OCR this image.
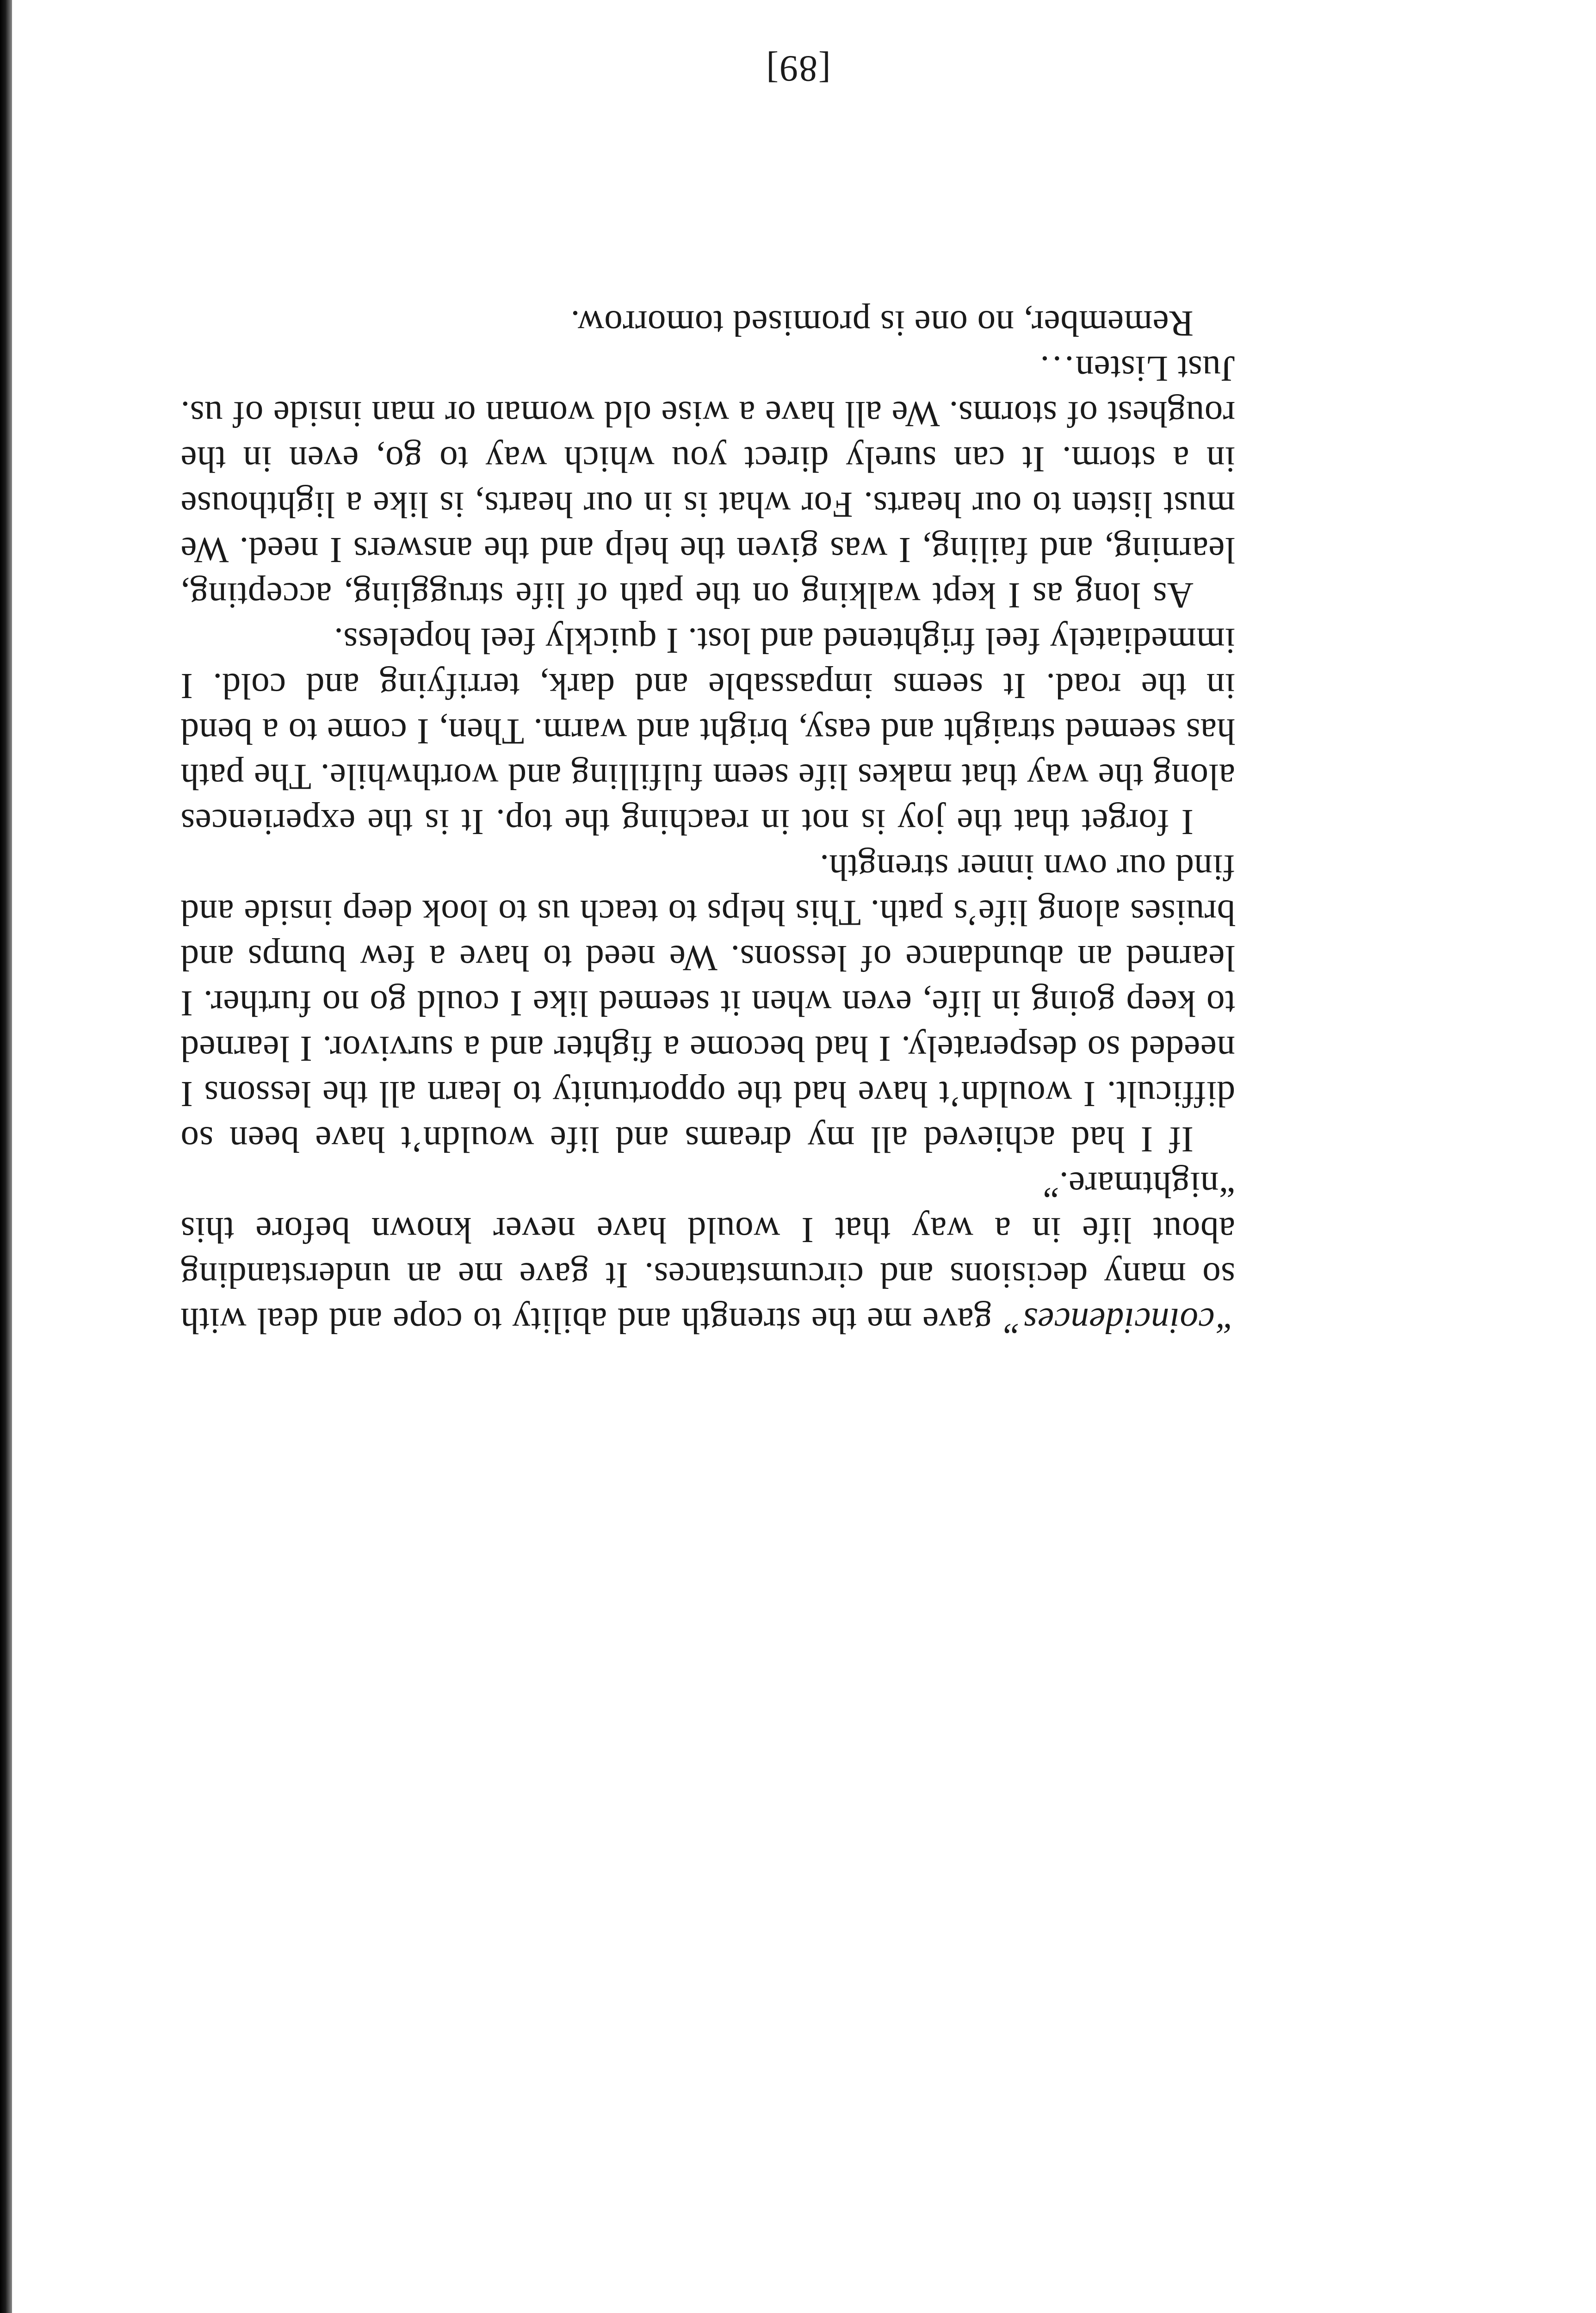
“coincidences” gave me the strength and ability to cope and deal with so many decisions and circumstances. It gave me an understanding about life in a way that I would have never known before this “nightmare.”

If I had achieved all my dreams and life wouldn’t have been so difficult. I wouldn’t have had the opportunity to learn all the lessons I needed so desperately. I had become a fighter and a survivor. I learned to keep going in life, even when it seemed like I could go no further. I learned an abundance of lessons. We need to have a few bumps and bruises along life’s path. This helps to teach us to look deep inside and find our own inner strength.

I forget that the joy is not in reaching the top. It is the experiences along the way that makes life seem fulfilling and worthwhile. The path has seemed straight and easy, bright and warm. Then, I come to a bend in the road. It seems impassable and dark, terrifying and cold. I immediately feel frightened and lost. I quickly feel hopeless.

As long as I kept walking on the path of life struggling, accepting, learning, and failing, I was given the help and the answers I need. We must listen to our hearts. For what is in our hearts, is like a lighthouse in a storm. It can surely direct you which way to go, even in the roughest of storms. We all have a wise old woman or man inside of us. Just Listen…

Remember, no one is promised tomorrow.

[89]
